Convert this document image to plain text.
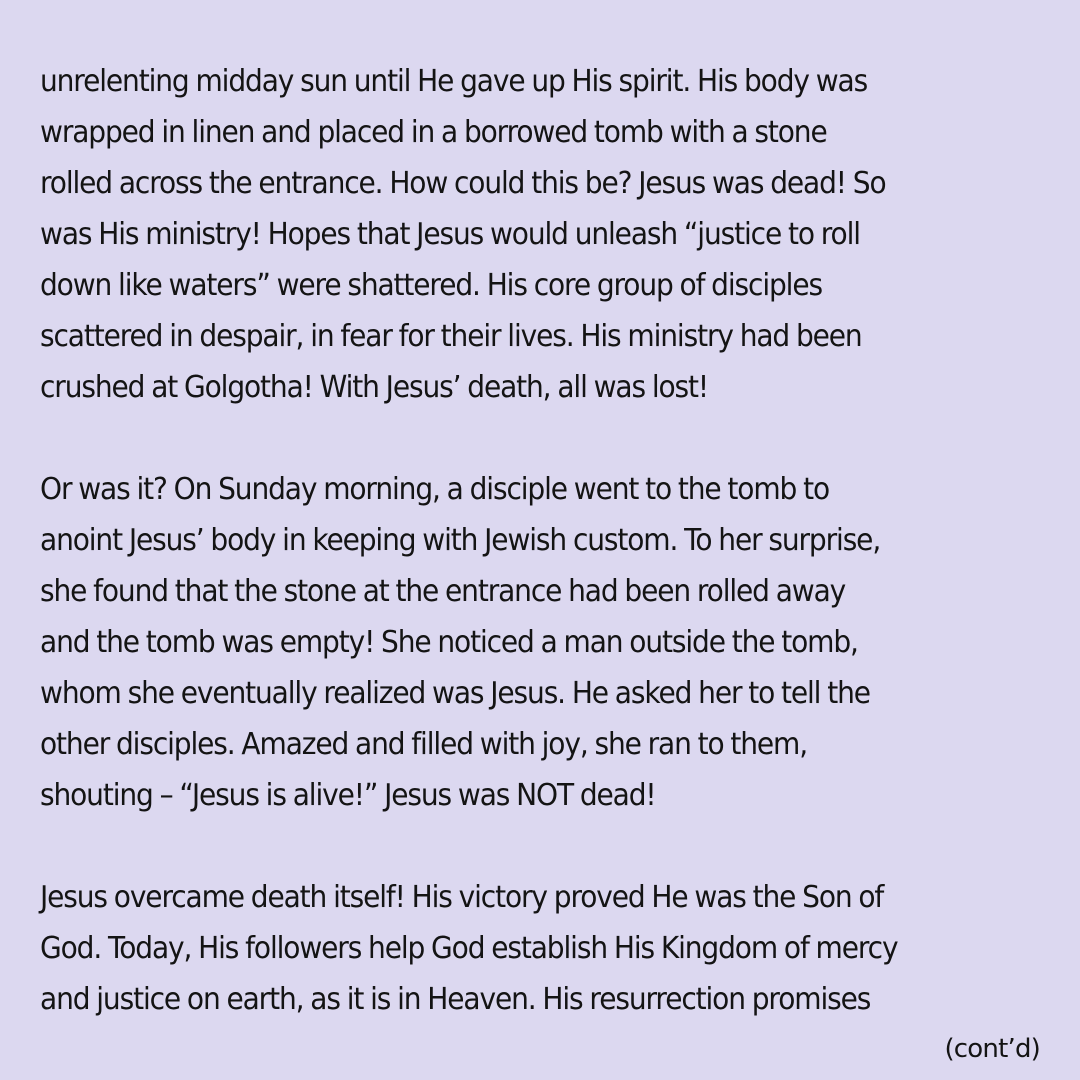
unrelenting midday sun until He gave up His spirit. His body was
wrapped in linen and placed in a borrowed tomb with a stone
rolled across the entrance. How could this be? Jesus was dead! So
was His ministry! Hopes that Jesus would unleash “justice to roll
down like waters” were shattered. His core group of disciples
scattered in despair, in fear for their lives. His ministry had been
crushed at Golgotha! With Jesus’ death, all was lost!
Or was it? On Sunday morning, a disciple went to the tomb to
anoint Jesus’ body in keeping with Jewish custom. To her surprise,
she found that the stone at the entrance had been rolled away
and the tomb was empty! She noticed a man outside the tomb,
whom she eventually realized was Jesus. He asked her to tell the
other disciples. Amazed and filled with joy, she ran to them,
shouting – “Jesus is alive!” Jesus was NOT dead!
Jesus overcame death itself! His victory proved He was the Son of
God. Today, His followers help God establish His Kingdom of mercy
and justice on earth, as it is in Heaven. His resurrection promises
(cont’d)
